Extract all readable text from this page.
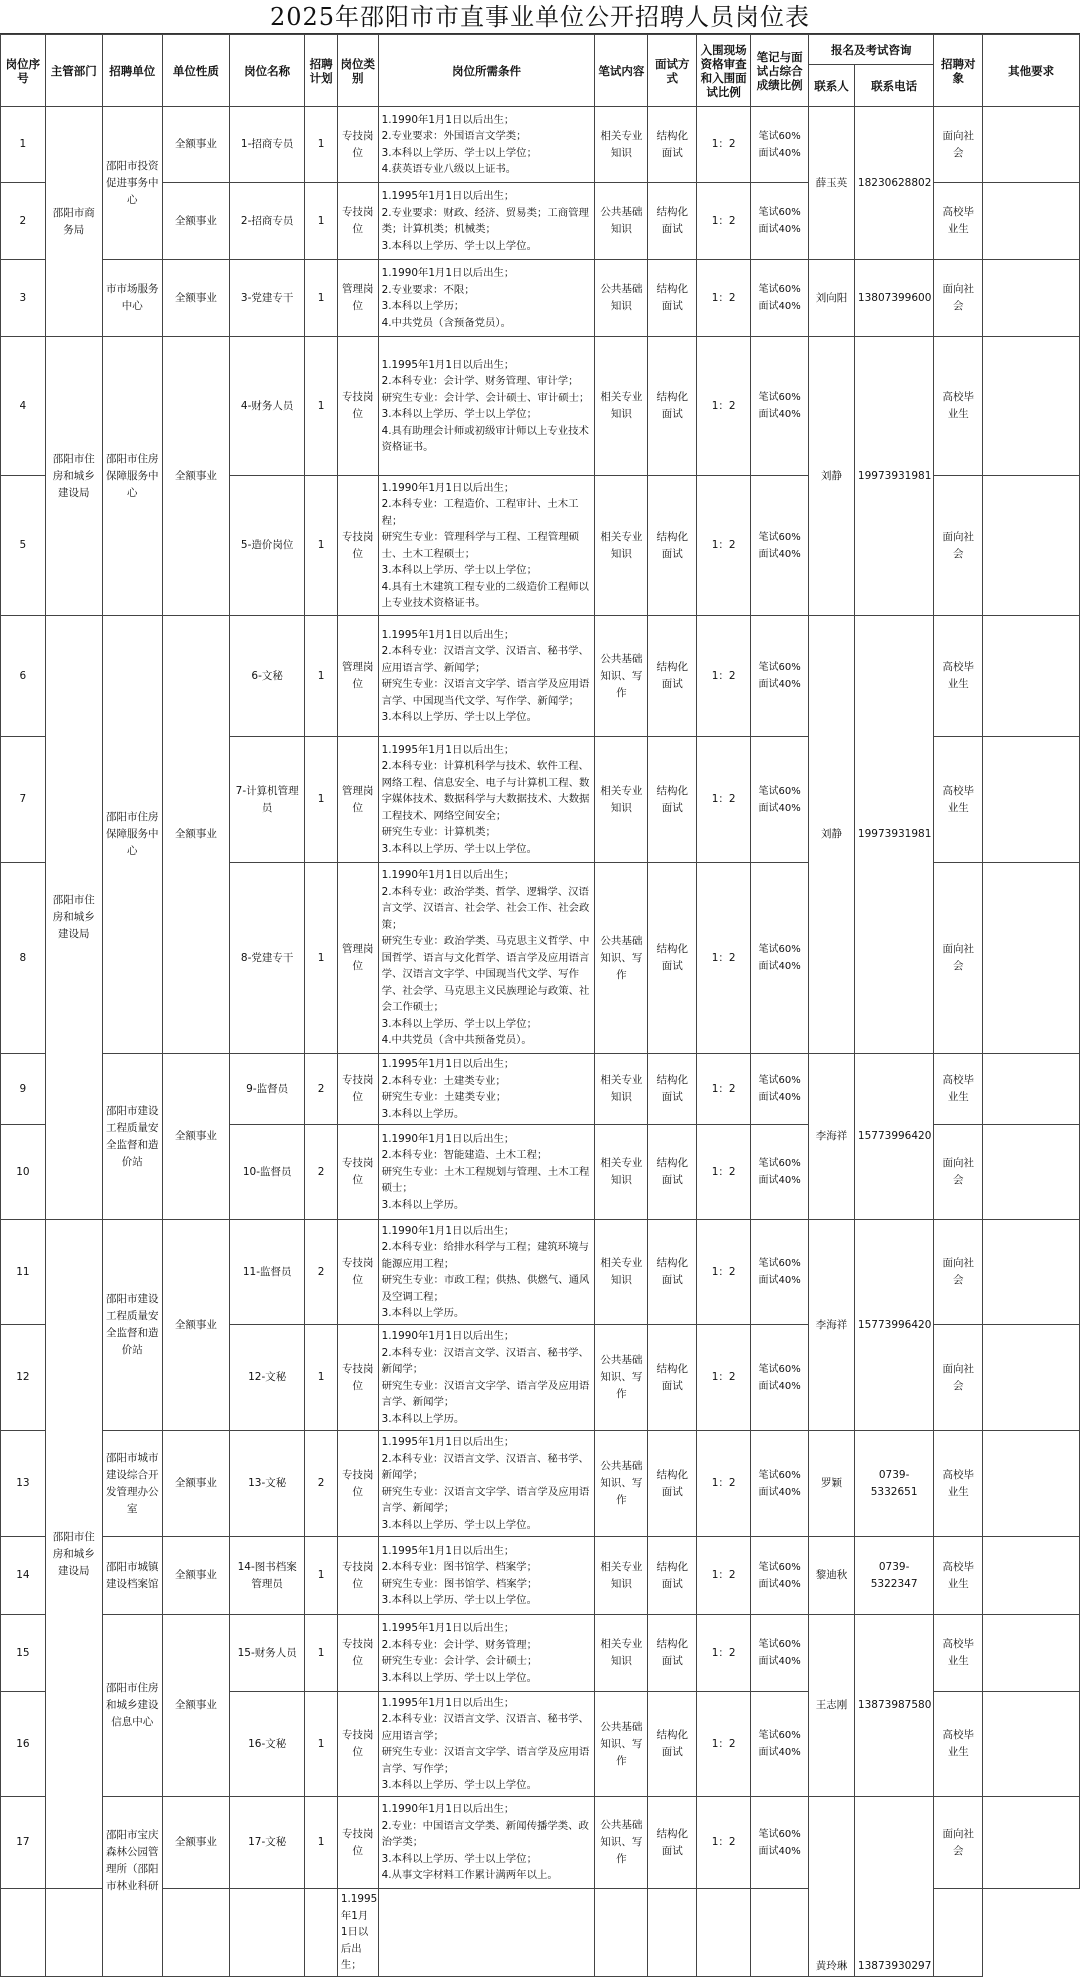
2025年邵阳市市直事业单位公开招聘人员岗位表
岗位序号	主管部门	招聘单位	单位性质	岗位名称	招聘计划	岗位类别	岗位所需条件	笔试内容	面试方式	入围现场资格审查和入围面试比例	笔记与面试占综合成绩比例	报名及考试咨询		招聘对象	其他要求
												联系人	联系电话		
1	邵阳市商务局	邵阳市投资促进事务中心	全额事业	1-招商专员	1	专技岗位	1.1990年1月1日以后出生；
2.专业要求：外国语言文学类；
3.本科以上学历、学士以上学位；
4.获英语专业八级以上证书。	相关专业知识	结构化面试	1：2	笔试60%
面试40%	薛玉英	18230628802	面向社会	
2			全额事业	2-招商专员	1	专技岗位	1.1995年1月1日以后出生；
2.专业要求：财政、经济、贸易类；工商管理类；计算机类；机械类；
3.本科以上学历、学士以上学位。	公共基础知识	结构化面试	1：2	笔试60%
面试40%			高校毕业生	
3		市市场服务中心	全额事业	3-党建专干	1	管理岗位	1.1990年1月1日以后出生；
2.专业要求：不限；
3.本科以上学历；
4.中共党员（含预备党员）。	公共基础知识	结构化面试	1：2	笔试60%
面试40%	刘向阳	13807399600	面向社会	
4	邵阳市住房和城乡建设局	邵阳市住房保障服务中心	全额事业	4-财务人员	1	专技岗位	1.1995年1月1日以后出生；
2.本科专业：会计学、财务管理、审计学；
研究生专业：会计学、会计硕士、审计硕士；
3.本科以上学历、学士以上学位；
4.具有助理会计师或初级审计师以上专业技术资格证书。	相关专业知识	结构化面试	1：2	笔试60%
面试40%	刘静	19973931981	高校毕业生	
5				5-造价岗位	1	专技岗位	1.1990年1月1日以后出生；
2.本科专业：工程造价、工程审计、土木工程；
研究生专业：管理科学与工程、工程管理硕士、土木工程硕士；
3.本科以上学历、学士以上学位；
4.具有土木建筑工程专业的二级造价工程师以上专业技术资格证书。	相关专业知识	结构化面试	1：2	笔试60%
面试40%			面向社会	
6	邵阳市住房和城乡建设局	邵阳市住房保障服务中心	全额事业	6-文秘	1	管理岗位	1.1995年1月1日以后出生；
2.本科专业：汉语言文学、汉语言、秘书学、应用语言学、新闻学；
研究生专业：汉语言文字学、语言学及应用语言学、中国现当代文学、写作学、新闻学；
3.本科以上学历、学士以上学位。	公共基础知识、写作	结构化面试	1：2	笔试60%
面试40%	刘静	19973931981	高校毕业生	
7				7-计算机管理员	1	管理岗位	1.1995年1月1日以后出生；
2.本科专业：计算机科学与技术、软件工程、网络工程、信息安全、电子与计算机工程、数字媒体技术、数据科学与大数据技术、大数据工程技术、网络空间安全；
研究生专业：计算机类；
3.本科以上学历、学士以上学位。	相关专业知识	结构化面试	1：2	笔试60%
面试40%			高校毕业生	
8				8-党建专干	1	管理岗位	1.1990年1月1日以后出生；
2.本科专业：政治学类、哲学、逻辑学、汉语言文学、汉语言、社会学、社会工作、社会政策；
研究生专业：政治学类、马克思主义哲学、中国哲学、语言与文化哲学、语言学及应用语言学、汉语言文字学、中国现当代文学、写作学、社会学、马克思主义民族理论与政策、社会工作硕士；
3.本科以上学历、学士以上学位；
4.中共党员（含中共预备党员）。	公共基础知识、写作	结构化面试	1：2	笔试60%
面试40%			面向社会	
9		邵阳市建设工程质量安全监督和造价站	全额事业	9-监督员	2	专技岗位	1.1995年1月1日以后出生；
2.本科专业：土建类专业；
研究生专业：土建类专业；
3.本科以上学历。	相关专业知识	结构化面试	1：2	笔试60%
面试40%	李海祥	15773996420	高校毕业生	
10				10-监督员	2	专技岗位	1.1990年1月1日以后出生；
2.本科专业：智能建造、土木工程；
研究生专业：土木工程规划与管理、土木工程硕士；
3.本科以上学历。	相关专业知识	结构化面试	1：2	笔试60%
面试40%			面向社会	
11	邵阳市住房和城乡建设局	邵阳市建设工程质量安全监督和造价站	全额事业	11-监督员	2	专技岗位	1.1990年1月1日以后出生；
2.本科专业：给排水科学与工程；建筑环境与能源应用工程；
研究生专业：市政工程；供热、供燃气、通风及空调工程；
3.本科以上学历。	相关专业知识	结构化面试	1：2	笔试60%
面试40%	李海祥	15773996420	面向社会	
12				12-文秘	1	专技岗位	1.1990年1月1日以后出生；
2.本科专业：汉语言文学、汉语言、秘书学、新闻学；
研究生专业：汉语言文字学、语言学及应用语言学、新闻学；
3.本科以上学历。	公共基础知识、写作	结构化面试	1：2	笔试60%
面试40%			面向社会	
13		邵阳市城市建设综合开发管理办公室	全额事业	13-文秘	2	专技岗位	1.1995年1月1日以后出生；
2.本科专业：汉语言文学、汉语言、秘书学、新闻学；
研究生专业：汉语言文字学、语言学及应用语言学、新闻学；
3.本科以上学历、学士以上学位。	公共基础知识、写作	结构化面试	1：2	笔试60%
面试40%	罗颖	0739-5332651	高校毕业生	
14		邵阳市城镇建设档案馆	全额事业	14-图书档案管理员	1	专技岗位	1.1995年1月1日以后出生；
2.本科专业：图书馆学、档案学；
研究生专业：图书馆学、档案学；
3.本科以上学历、学士以上学位。	相关专业知识	结构化面试	1：2	笔试60%
面试40%	黎迪秋	0739-5322347	高校毕业生	
15		邵阳市住房和城乡建设信息中心	全额事业	15-财务人员	1	专技岗位	1.1995年1月1日以后出生；
2.本科专业：会计学、财务管理；
研究生专业：会计学、会计硕士；
3.本科以上学历、学士以上学位。	相关专业知识	结构化面试	1：2	笔试60%
面试40%	王志刚	13873987580	高校毕业生	
16				16-文秘	1	专技岗位	1.1995年1月1日以后出生；
2.本科专业：汉语言文学、汉语言、秘书学、应用语言学；
研究生专业：汉语言文字学、语言学及应用语言学、写作学；
3.本科以上学历、学士以上学位。	公共基础知识、写作	结构化面试	1：2	笔试60%
面试40%			高校毕业生	
17		邵阳市宝庆森林公园管理所（邵阳市林业科研	全额事业	17-文秘	1	专技岗位	1.1990年1月1日以后出生；
2.专业：中国语言文学类、新闻传播学类、政治学类；
3.本科以上学历、学士以上学位；
4.从事文字材料工作累计满两年以上。	公共基础知识、写作	结构化面试	1：2	笔试60%
面试40%	黄玲琳	13873930297	面向社会	
						1.1995年1月1日以后出生；									
